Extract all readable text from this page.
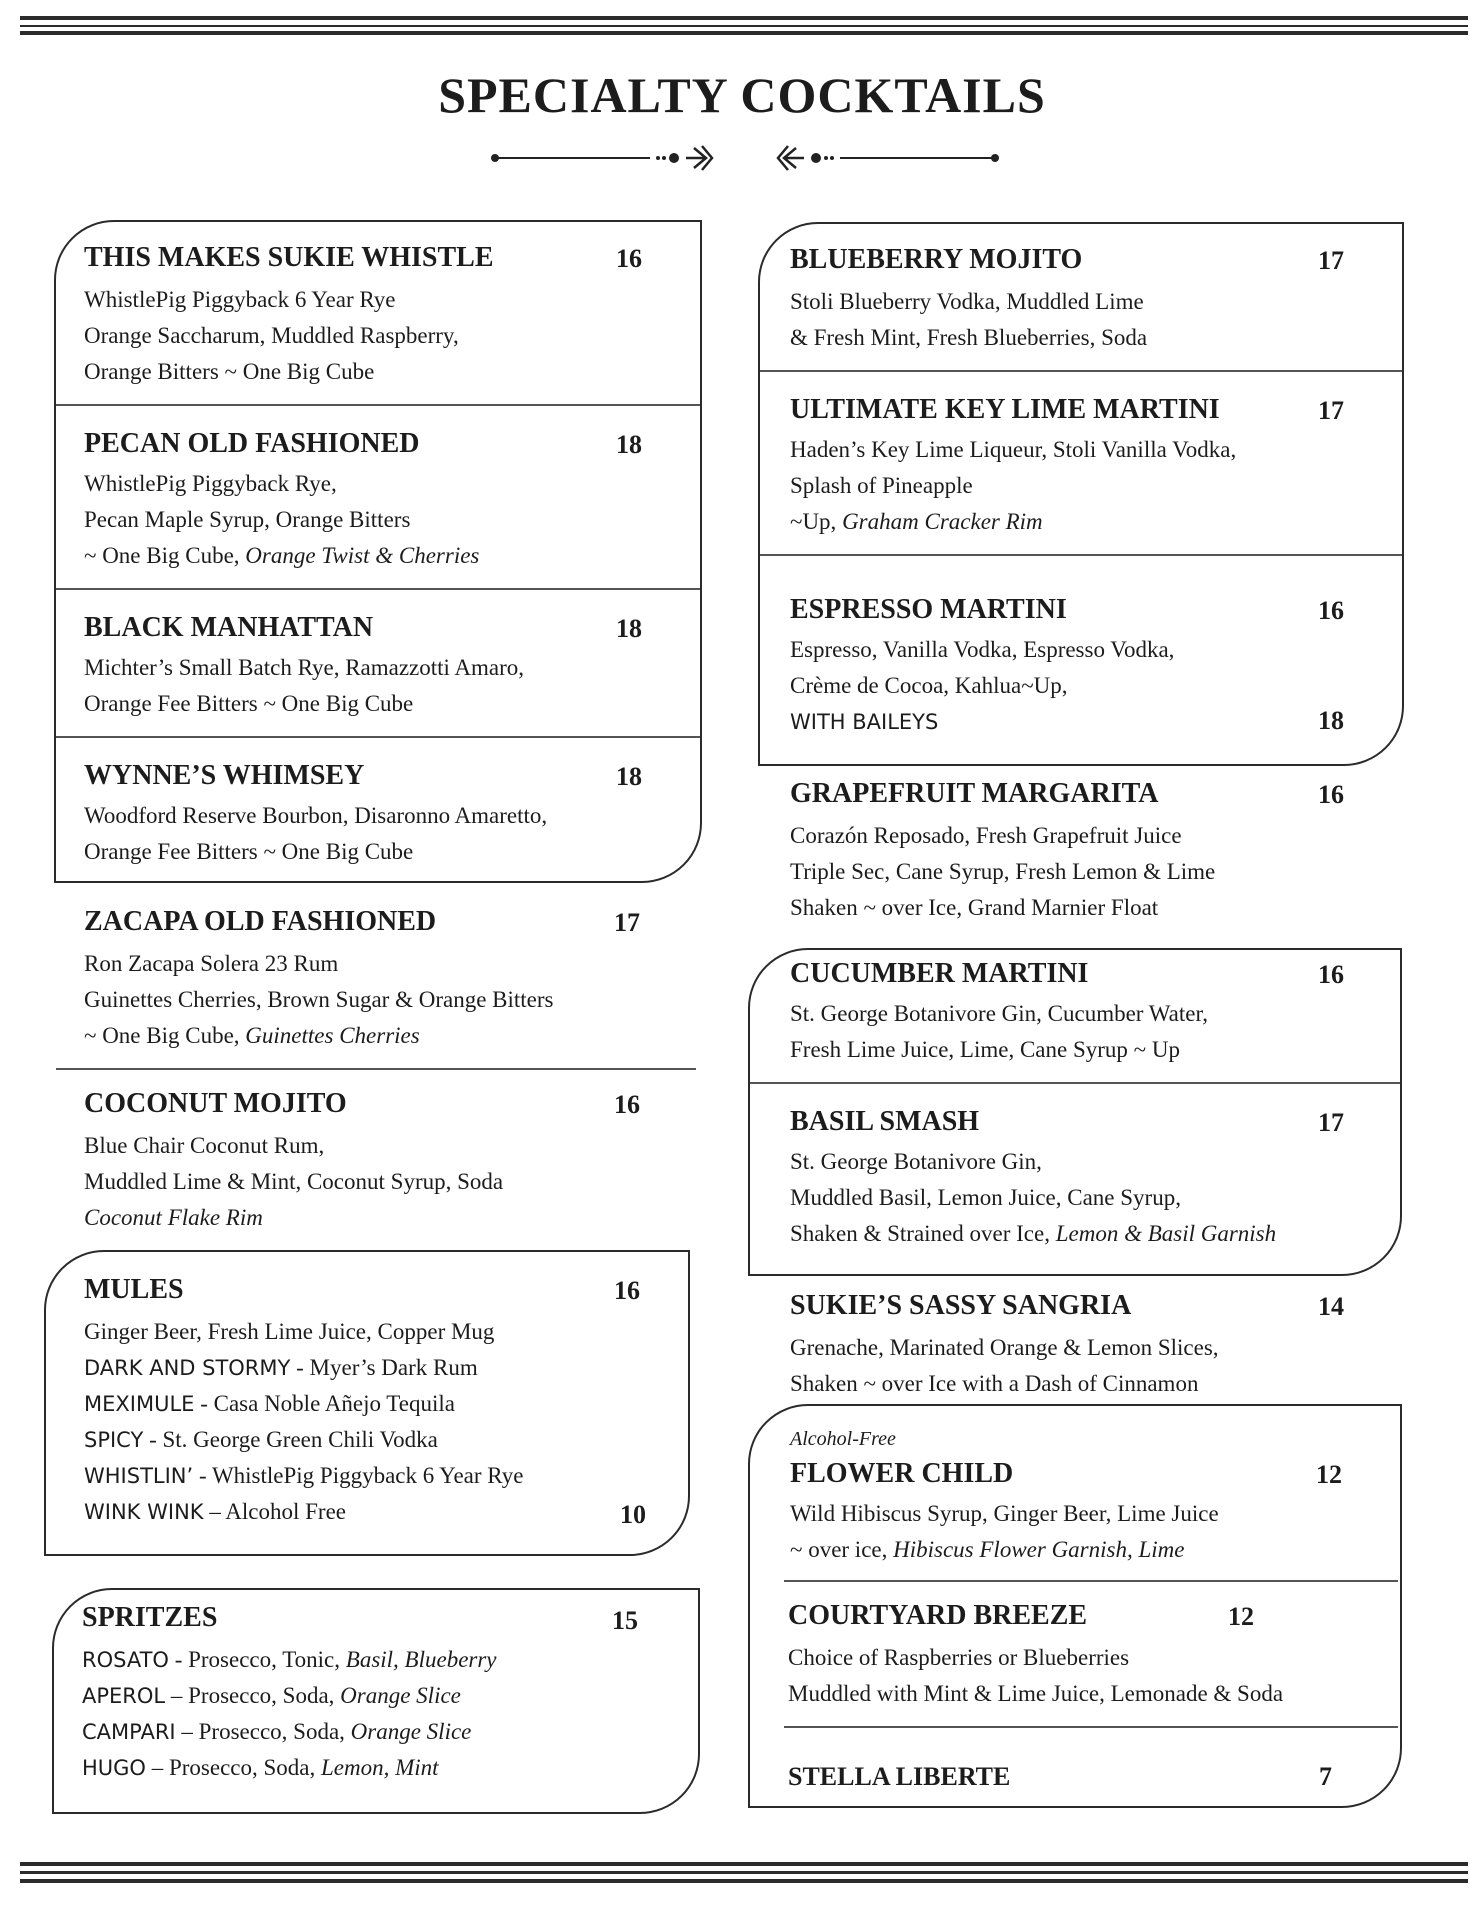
SPECIALTY COCKTAILS
THIS MAKES SUKIE WHISTLE	16
WhistlePig Piggyback 6 Year Rye
Orange Saccharum, Muddled Raspberry,
Orange Bitters ~ One Big Cube
PECAN OLD FASHIONED	18
WhistlePig Piggyback Rye,
Pecan Maple Syrup, Orange Bitters
~ One Big Cube, Orange Twist & Cherries
BLACK MANHATTAN	18
Michter’s Small Batch Rye, Ramazzotti Amaro,
Orange Fee Bitters ~ One Big Cube
WYNNE’S WHIMSEY	18
Woodford Reserve Bourbon, Disaronno Amaretto,
Orange Fee Bitters ~ One Big Cube
ZACAPA OLD FASHIONED	17
Ron Zacapa Solera 23 Rum
Guinettes Cherries, Brown Sugar & Orange Bitters
~ One Big Cube, Guinettes Cherries
COCONUT MOJITO	16
Blue Chair Coconut Rum,
Muddled Lime & Mint, Coconut Syrup, Soda
Coconut Flake Rim
MULES	16
Ginger Beer, Fresh Lime Juice, Copper Mug
DARK AND STORMY - Myer’s Dark Rum
MEXIMULE - Casa Noble Añejo Tequila
SPICY - St. George Green Chili Vodka
WHISTLIN’ - WhistlePig Piggyback 6 Year Rye
WINK WINK – Alcohol Free	10
SPRITZES	15
ROSATO - Prosecco, Tonic, Basil, Blueberry
APEROL – Prosecco, Soda, Orange Slice
CAMPARI – Prosecco, Soda, Orange Slice
HUGO – Prosecco, Soda, Lemon, Mint
BLUEBERRY MOJITO	17
Stoli Blueberry Vodka, Muddled Lime
& Fresh Mint, Fresh Blueberries, Soda
ULTIMATE KEY LIME MARTINI	17
Haden’s Key Lime Liqueur, Stoli Vanilla Vodka,
Splash of Pineapple
~Up, Graham Cracker Rim
ESPRESSO MARTINI	16
Espresso, Vanilla Vodka, Espresso Vodka,
Crème de Cocoa, Kahlua~Up,
WITH BAILEYS	18
GRAPEFRUIT MARGARITA	16
Corazón Reposado, Fresh Grapefruit Juice
Triple Sec, Cane Syrup, Fresh Lemon & Lime
Shaken ~ over Ice, Grand Marnier Float
CUCUMBER MARTINI	16
St. George Botanivore Gin, Cucumber Water,
Fresh Lime Juice, Lime, Cane Syrup ~ Up
BASIL SMASH	17
St. George Botanivore Gin,
Muddled Basil, Lemon Juice, Cane Syrup,
Shaken & Strained over Ice, Lemon & Basil Garnish
SUKIE’S SASSY SANGRIA	14
Grenache, Marinated Orange & Lemon Slices,
Shaken ~ over Ice with a Dash of Cinnamon
Alcohol-Free
FLOWER CHILD	12
Wild Hibiscus Syrup, Ginger Beer, Lime Juice
~ over ice, Hibiscus Flower Garnish, Lime
COURTYARD BREEZE	12
Choice of Raspberries or Blueberries
Muddled with Mint & Lime Juice, Lemonade & Soda
STELLA LIBERTE	7
